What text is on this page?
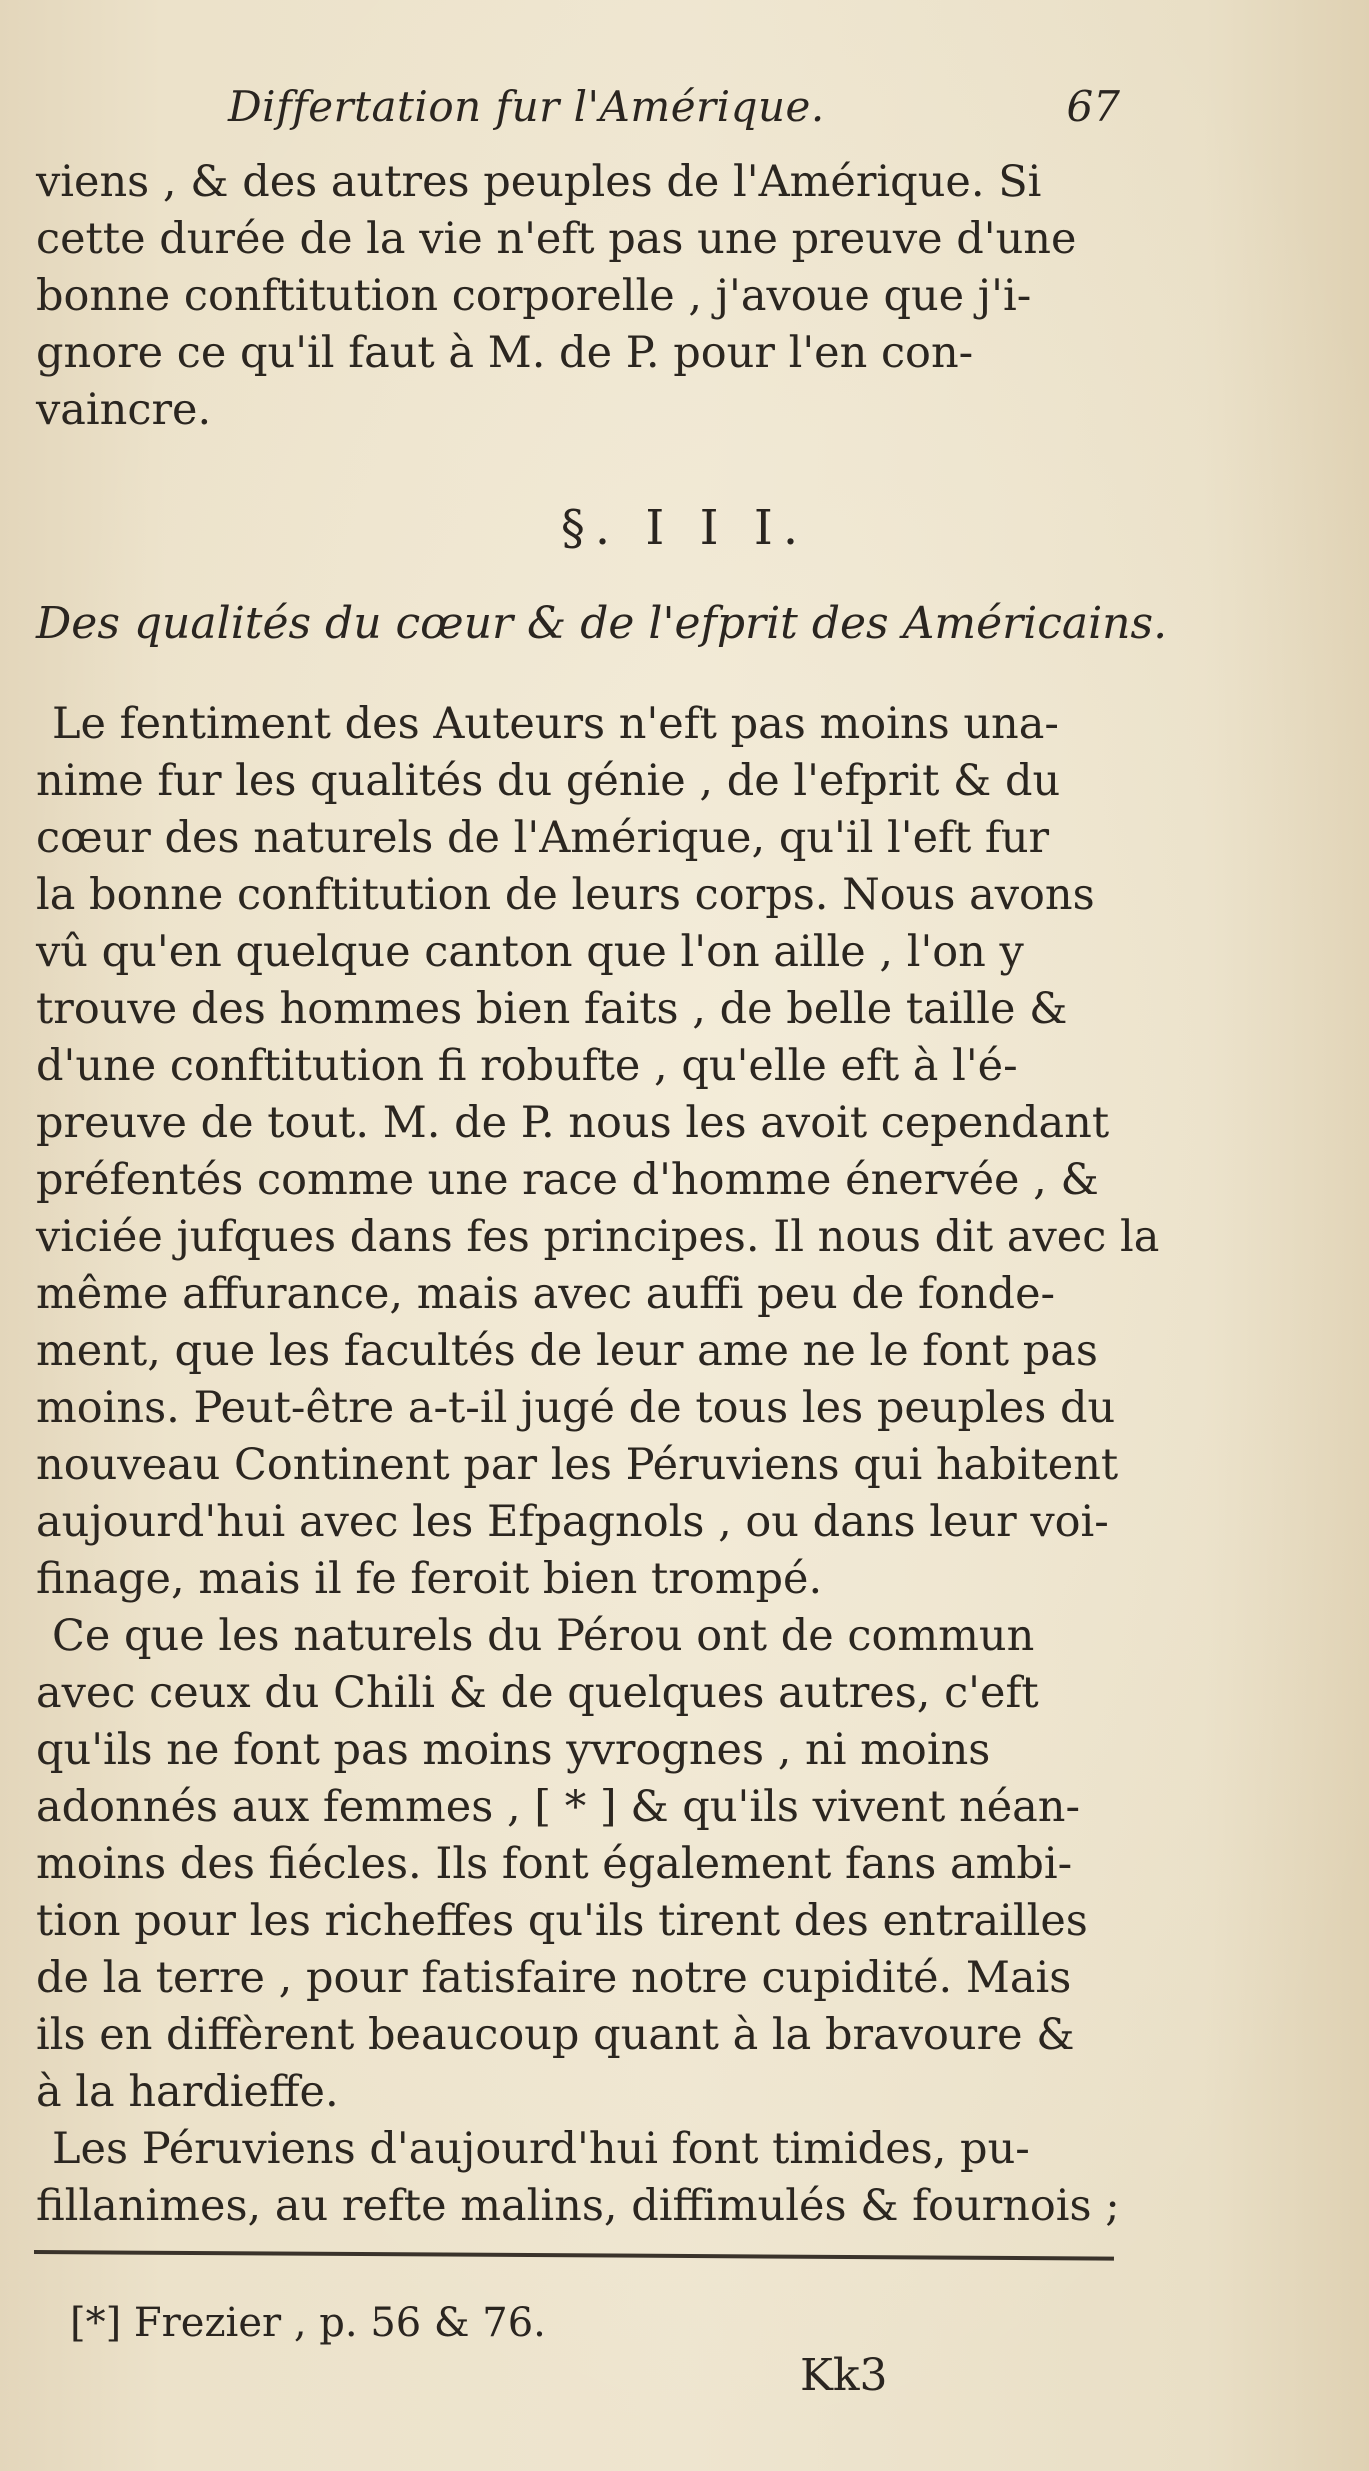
Differtation fur l'Amérique.	67
viens , & des autres peuples de l'Amérique. Si
cette durée de la vie n'eft pas une preuve d'une
bonne conftitution corporelle , j'avoue que j'i-
gnore ce qu'il faut à M. de P. pour l'en con-
vaincre.
§. I I I.
Des qualités du cœur & de l'efprit des Américains.
Le fentiment des Auteurs n'eft pas moins una-
nime fur les qualités du génie , de l'efprit & du
cœur des naturels de l'Amérique, qu'il l'eft fur
la bonne conftitution de leurs corps. Nous avons
vû qu'en quelque canton que l'on aille , l'on y
trouve des hommes bien faits , de belle taille &
d'une conftitution fi robufte , qu'elle eft à l'é-
preuve de tout. M. de P. nous les avoit cependant
préfentés comme une race d'homme énervée , &
viciée jufques dans fes principes. Il nous dit avec la
même affurance, mais avec auffi peu de fonde-
ment, que les facultés de leur ame ne le font pas
moins. Peut-être a-t-il jugé de tous les peuples du
nouveau Continent par les Péruviens qui habitent
aujourd'hui avec les Efpagnols , ou dans leur voi-
finage, mais il fe feroit bien trompé.
Ce que les naturels du Pérou ont de commun
avec ceux du Chili & de quelques autres, c'eft
qu'ils ne font pas moins yvrognes , ni moins
adonnés aux femmes , [ * ] & qu'ils vivent néan-
moins des fiécles. Ils font également fans ambi-
tion pour les richeffes qu'ils tirent des entrailles
de la terre , pour fatisfaire notre cupidité. Mais
ils en diffèrent beaucoup quant à la bravoure &
à la hardieffe.
Les Péruviens d'aujourd'hui font timides, pu-
fillanimes, au refte malins, diffimulés & fournois ;
[*] Frezier , p. 56 & 76.
Kk3
